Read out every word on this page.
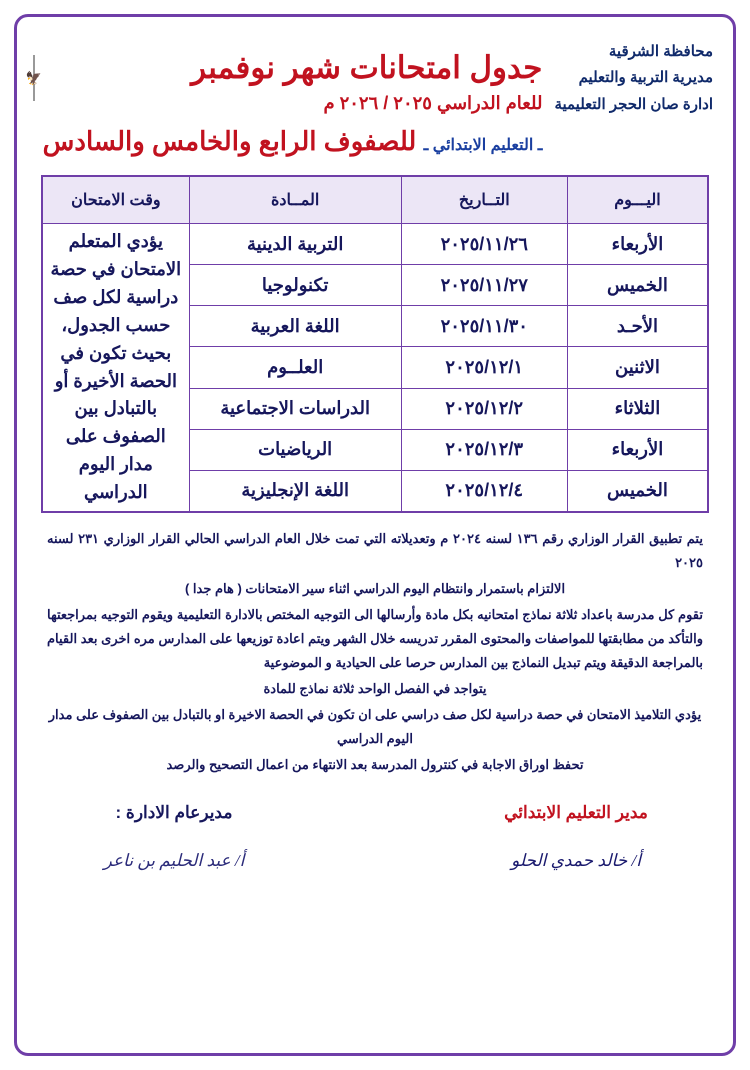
محافظة الشرقية
مديرية التربية والتعليم
ادارة صان الحجر التعليمية
جدول امتحانات شهر نوفمبر
للعام الدراسي ٢٠٢٥ / ٢٠٢٦ م
ـ التعليم الابتدائي ـ للصفوف الرابع والخامس والسادس
🦅
اليـــوم	التــاريخ	المــادة	وقت الامتحان
الأربعاء	٢٠٢٥/١١/٢٦	التربية الدينية	يؤدي المتعلم الامتحان في حصة دراسية لكل صف حسب الجدول، بحيث تكون في الحصة الأخيرة أو بالتبادل بين الصفوف على مدار اليوم الدراسي
الخميس	٢٠٢٥/١١/٢٧	تكنولوجيا	
الأحـد	٢٠٢٥/١١/٣٠	اللغة العربية	
الاثنين	٢٠٢٥/١٢/١	العلــوم	
الثلاثاء	٢٠٢٥/١٢/٢	الدراسات الاجتماعية	
الأربعاء	٢٠٢٥/١٢/٣	الرياضيات	
الخميس	٢٠٢٥/١٢/٤	اللغة الإنجليزية	

يتم تطبيق القرار الوزاري رقم ١٣٦ لسنه ٢٠٢٤ م وتعديلاته التي تمت خلال العام الدراسي الحالي القرار الوزاري ٢٣١ لسنه ٢٠٢٥

الالتزام باستمرار وانتظام اليوم الدراسي اثناء سير الامتحانات ( هام جدا )

تقوم كل مدرسة باعداد ثلاثة نماذج امتحانيه بكل مادة وأرسالها الى التوجيه المختص بالادارة التعليمية ويقوم التوجيه بمراجعتها والتأكد من مطابقتها للمواصفات والمحتوى المقرر تدريسه خلال الشهر ويتم اعادة توزيعها على المدارس مره اخرى بعد القيام بالمراجعة الدقيقة ويتم تبديل النماذج بين المدارس حرصا على الحيادية و الموضوعية

يتواجد في الفصل الواحد ثلاثة نماذج للمادة

يؤدي التلاميذ الامتحان في حصة دراسية لكل صف دراسي على ان تكون في الحصة الاخيرة او بالتبادل بين الصفوف على مدار اليوم الدراسي

تحفظ اوراق الاجابة في كنترول المدرسة بعد الانتهاء من اعمال التصحيح والرصد

مدير التعليم الابتدائي
أ/ خالد حمدي الحلو
مديرعام الادارة :
أ/ عبد الحليم بن ناعر
